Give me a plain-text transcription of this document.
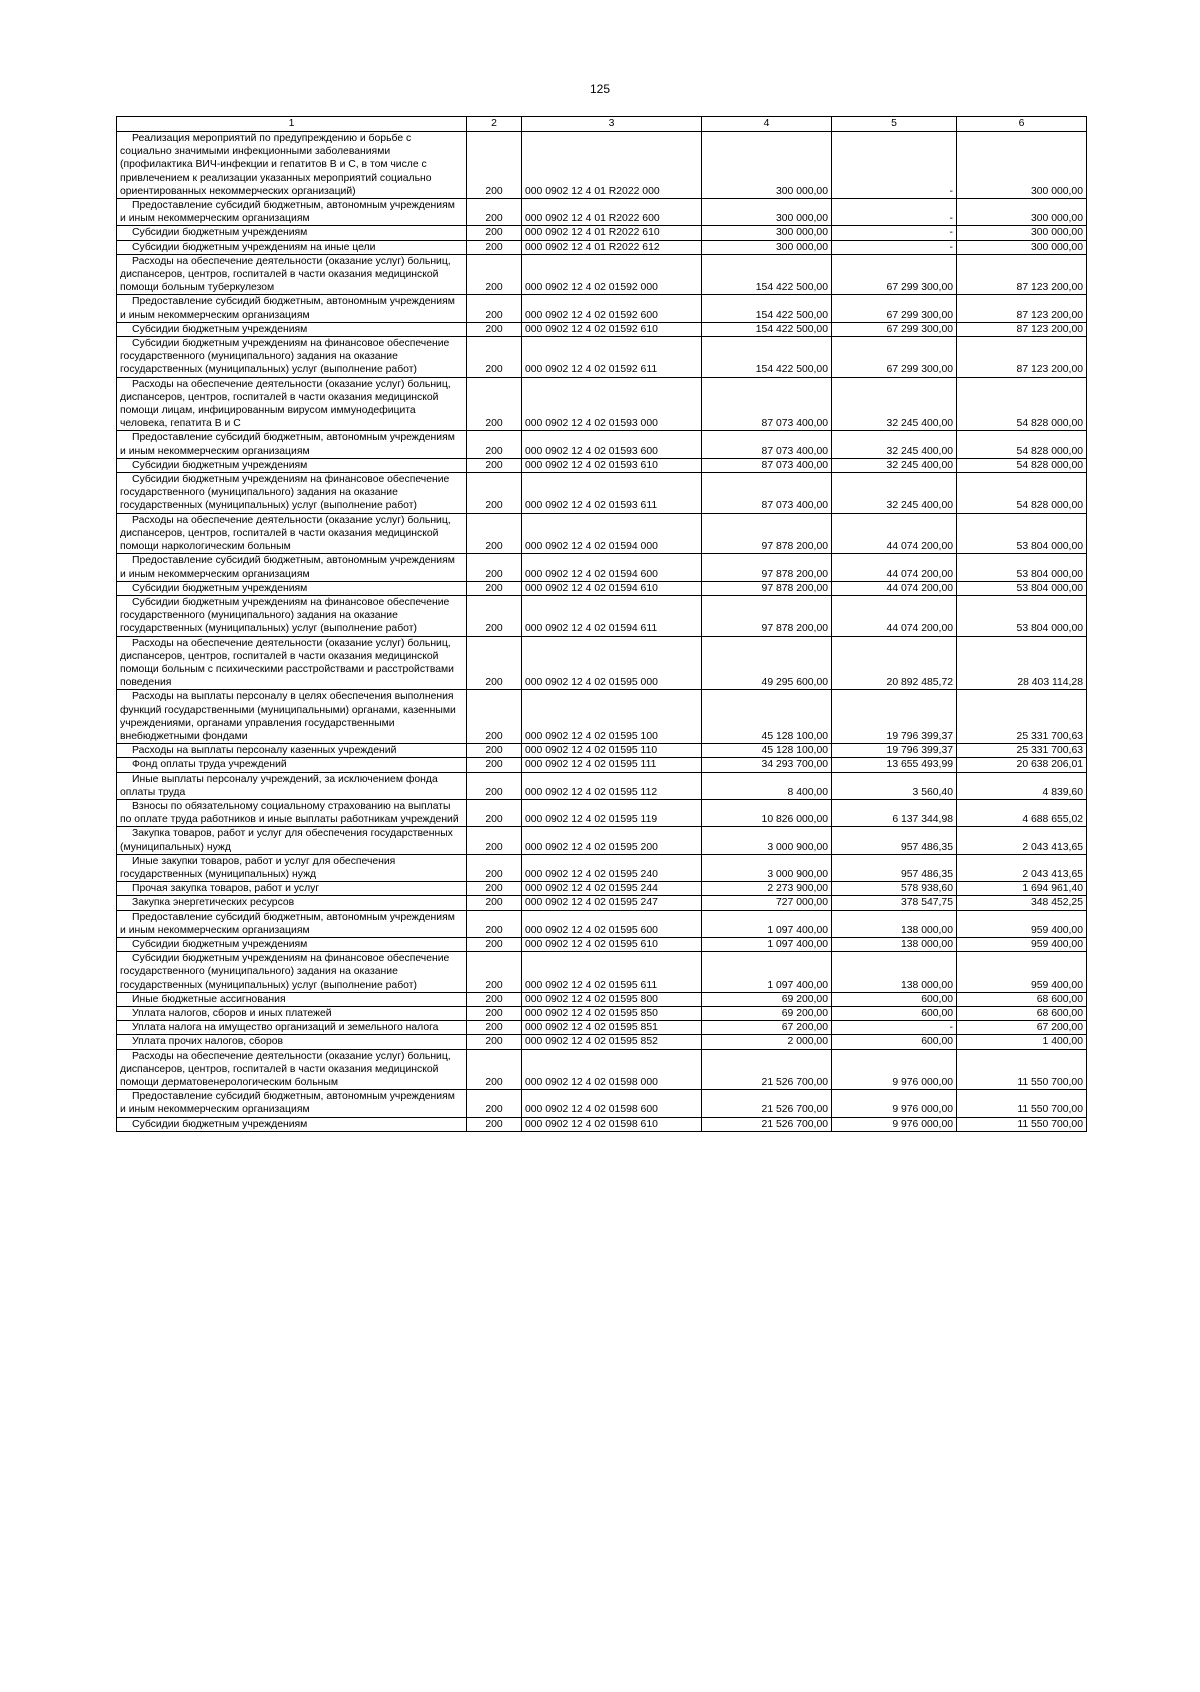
125
1	2	3	4	5	6
Реализация мероприятий по предупреждению и борьбе с социально значимыми инфекционными заболеваниями (профилактика ВИЧ-инфекции и гепатитов В и С, в том числе с привлечением к реализации указанных мероприятий социально ориентированных некоммерческих организаций)	200	000 0902 12 4 01 R2022 000	300 000,00	-	300 000,00
Предоставление субсидий бюджетным, автономным учреждениям и иным некоммерческим организациям	200	000 0902 12 4 01 R2022 600	300 000,00	-	300 000,00
Субсидии бюджетным учреждениям	200	000 0902 12 4 01 R2022 610	300 000,00	-	300 000,00
Субсидии бюджетным учреждениям на иные цели	200	000 0902 12 4 01 R2022 612	300 000,00	-	300 000,00
Расходы на обеспечение деятельности (оказание услуг) больниц, диспансеров, центров, госпиталей в части оказания медицинской помощи больным туберкулезом	200	000 0902 12 4 02 01592 000	154 422 500,00	67 299 300,00	87 123 200,00
Предоставление субсидий бюджетным, автономным учреждениям и иным некоммерческим организациям	200	000 0902 12 4 02 01592 600	154 422 500,00	67 299 300,00	87 123 200,00
Субсидии бюджетным учреждениям	200	000 0902 12 4 02 01592 610	154 422 500,00	67 299 300,00	87 123 200,00
Субсидии бюджетным учреждениям на финансовое обеспечение государственного (муниципального) задания на оказание государственных (муниципальных) услуг (выполнение работ)	200	000 0902 12 4 02 01592 611	154 422 500,00	67 299 300,00	87 123 200,00
Расходы на обеспечение деятельности (оказание услуг) больниц, диспансеров, центров, госпиталей в части оказания медицинской помощи лицам, инфицированным вирусом иммунодефицита человека, гепатита В и С	200	000 0902 12 4 02 01593 000	87 073 400,00	32 245 400,00	54 828 000,00
Предоставление субсидий бюджетным, автономным учреждениям и иным некоммерческим организациям	200	000 0902 12 4 02 01593 600	87 073 400,00	32 245 400,00	54 828 000,00
Субсидии бюджетным учреждениям	200	000 0902 12 4 02 01593 610	87 073 400,00	32 245 400,00	54 828 000,00
Субсидии бюджетным учреждениям на финансовое обеспечение государственного (муниципального) задания на оказание государственных (муниципальных) услуг (выполнение работ)	200	000 0902 12 4 02 01593 611	87 073 400,00	32 245 400,00	54 828 000,00
Расходы на обеспечение деятельности (оказание услуг) больниц, диспансеров, центров, госпиталей в части оказания медицинской помощи наркологическим больным	200	000 0902 12 4 02 01594 000	97 878 200,00	44 074 200,00	53 804 000,00
Предоставление субсидий бюджетным, автономным учреждениям и иным некоммерческим организациям	200	000 0902 12 4 02 01594 600	97 878 200,00	44 074 200,00	53 804 000,00
Субсидии бюджетным учреждениям	200	000 0902 12 4 02 01594 610	97 878 200,00	44 074 200,00	53 804 000,00
Субсидии бюджетным учреждениям на финансовое обеспечение государственного (муниципального) задания на оказание государственных (муниципальных) услуг (выполнение работ)	200	000 0902 12 4 02 01594 611	97 878 200,00	44 074 200,00	53 804 000,00
Расходы на обеспечение деятельности (оказание услуг) больниц, диспансеров, центров, госпиталей в части оказания медицинской помощи больным с психическими расстройствами и расстройствами поведения	200	000 0902 12 4 02 01595 000	49 295 600,00	20 892 485,72	28 403 114,28
Расходы на выплаты персоналу в целях обеспечения выполнения функций государственными (муниципальными) органами, казенными учреждениями, органами управления государственными внебюджетными фондами	200	000 0902 12 4 02 01595 100	45 128 100,00	19 796 399,37	25 331 700,63
Расходы на выплаты персоналу казенных учреждений	200	000 0902 12 4 02 01595 110	45 128 100,00	19 796 399,37	25 331 700,63
Фонд оплаты труда учреждений	200	000 0902 12 4 02 01595 111	34 293 700,00	13 655 493,99	20 638 206,01
Иные выплаты персоналу учреждений, за исключением фонда оплаты труда	200	000 0902 12 4 02 01595 112	8 400,00	3 560,40	4 839,60
Взносы по обязательному социальному страхованию на выплаты по оплате труда работников и иные выплаты работникам учреждений	200	000 0902 12 4 02 01595 119	10 826 000,00	6 137 344,98	4 688 655,02
Закупка товаров, работ и услуг для обеспечения государственных (муниципальных) нужд	200	000 0902 12 4 02 01595 200	3 000 900,00	957 486,35	2 043 413,65
Иные закупки товаров, работ и услуг для обеспечения государственных (муниципальных) нужд	200	000 0902 12 4 02 01595 240	3 000 900,00	957 486,35	2 043 413,65
Прочая закупка товаров, работ и услуг	200	000 0902 12 4 02 01595 244	2 273 900,00	578 938,60	1 694 961,40
Закупка энергетических ресурсов	200	000 0902 12 4 02 01595 247	727 000,00	378 547,75	348 452,25
Предоставление субсидий бюджетным, автономным учреждениям и иным некоммерческим организациям	200	000 0902 12 4 02 01595 600	1 097 400,00	138 000,00	959 400,00
Субсидии бюджетным учреждениям	200	000 0902 12 4 02 01595 610	1 097 400,00	138 000,00	959 400,00
Субсидии бюджетным учреждениям на финансовое обеспечение государственного (муниципального) задания на оказание государственных (муниципальных) услуг (выполнение работ)	200	000 0902 12 4 02 01595 611	1 097 400,00	138 000,00	959 400,00
Иные бюджетные ассигнования	200	000 0902 12 4 02 01595 800	69 200,00	600,00	68 600,00
Уплата налогов, сборов и иных платежей	200	000 0902 12 4 02 01595 850	69 200,00	600,00	68 600,00
Уплата налога на имущество организаций и земельного налога	200	000 0902 12 4 02 01595 851	67 200,00	-	67 200,00
Уплата прочих налогов, сборов	200	000 0902 12 4 02 01595 852	2 000,00	600,00	1 400,00
Расходы на обеспечение деятельности (оказание услуг) больниц, диспансеров, центров, госпиталей в части оказания медицинской помощи дерматовенерологическим больным	200	000 0902 12 4 02 01598 000	21 526 700,00	9 976 000,00	11 550 700,00
Предоставление субсидий бюджетным, автономным учреждениям и иным некоммерческим организациям	200	000 0902 12 4 02 01598 600	21 526 700,00	9 976 000,00	11 550 700,00
Субсидии бюджетным учреждениям	200	000 0902 12 4 02 01598 610	21 526 700,00	9 976 000,00	11 550 700,00
